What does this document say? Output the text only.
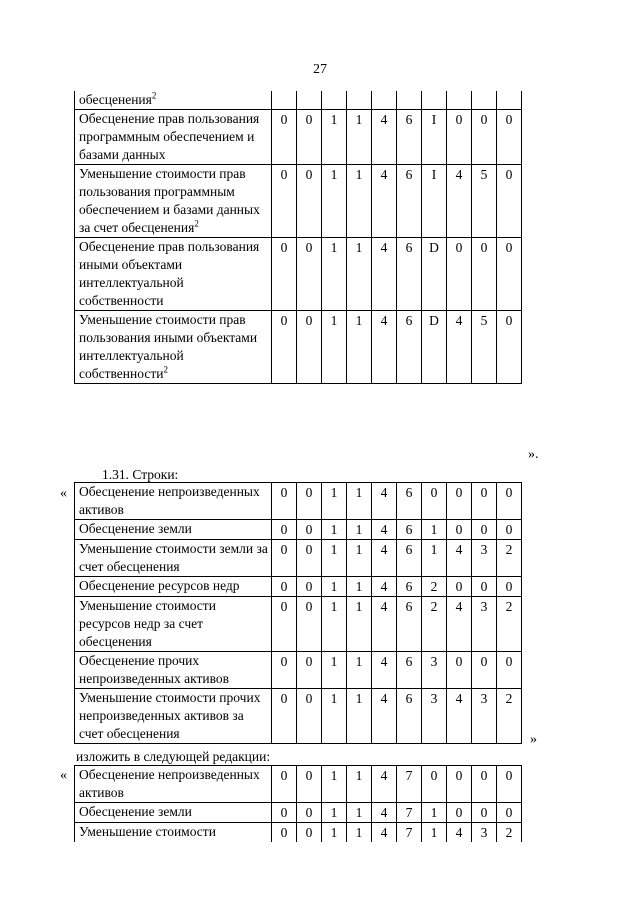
27
обесценения$^2$										
Обесценение прав пользования программным обеспечением и базами данных	0	0	1	1	4	6	I	0	0	0
Уменьшение стоимости прав пользования программным обеспечением и базами данных за счет обесценения$^2$	0	0	1	1	4	6	I	4	5	0
Обесценение прав пользования иными объектами интеллектуальной собственности	0	0	1	1	4	6	D	0	0	0
Уменьшение стоимости прав пользования иными объектами интеллектуальной собственности$^2$	0	0	1	1	4	6	D	4	5	0
».
1.31. Строки:
« Обесценение непроизведенных активов	0	0	1	1	4	6	0	0	0	0
Обесценение земли	0	0	1	1	4	6	1	0	0	0
Уменьшение стоимости земли за счет обесценения	0	0	1	1	4	6	1	4	3	2
Обесценение ресурсов недр	0	0	1	1	4	6	2	0	0	0
Уменьшение стоимости ресурсов недр за счет обесценения	0	0	1	1	4	6	2	4	3	2
Обесценение прочих непроизведенных активов	0	0	1	1	4	6	3	0	0	0
Уменьшение стоимости прочих непроизведенных активов за счет обесценения	0	0	1	1	4	6	3	4	3	2
»
изложить в следующей редакции:
« Обесценение непроизведенных активов	0	0	1	1	4	7	0	0	0	0
Обесценение земли	0	0	1	1	4	7	1	0	0	0
Уменьшение стоимости	0	0	1	1	4	7	1	4	3	2
